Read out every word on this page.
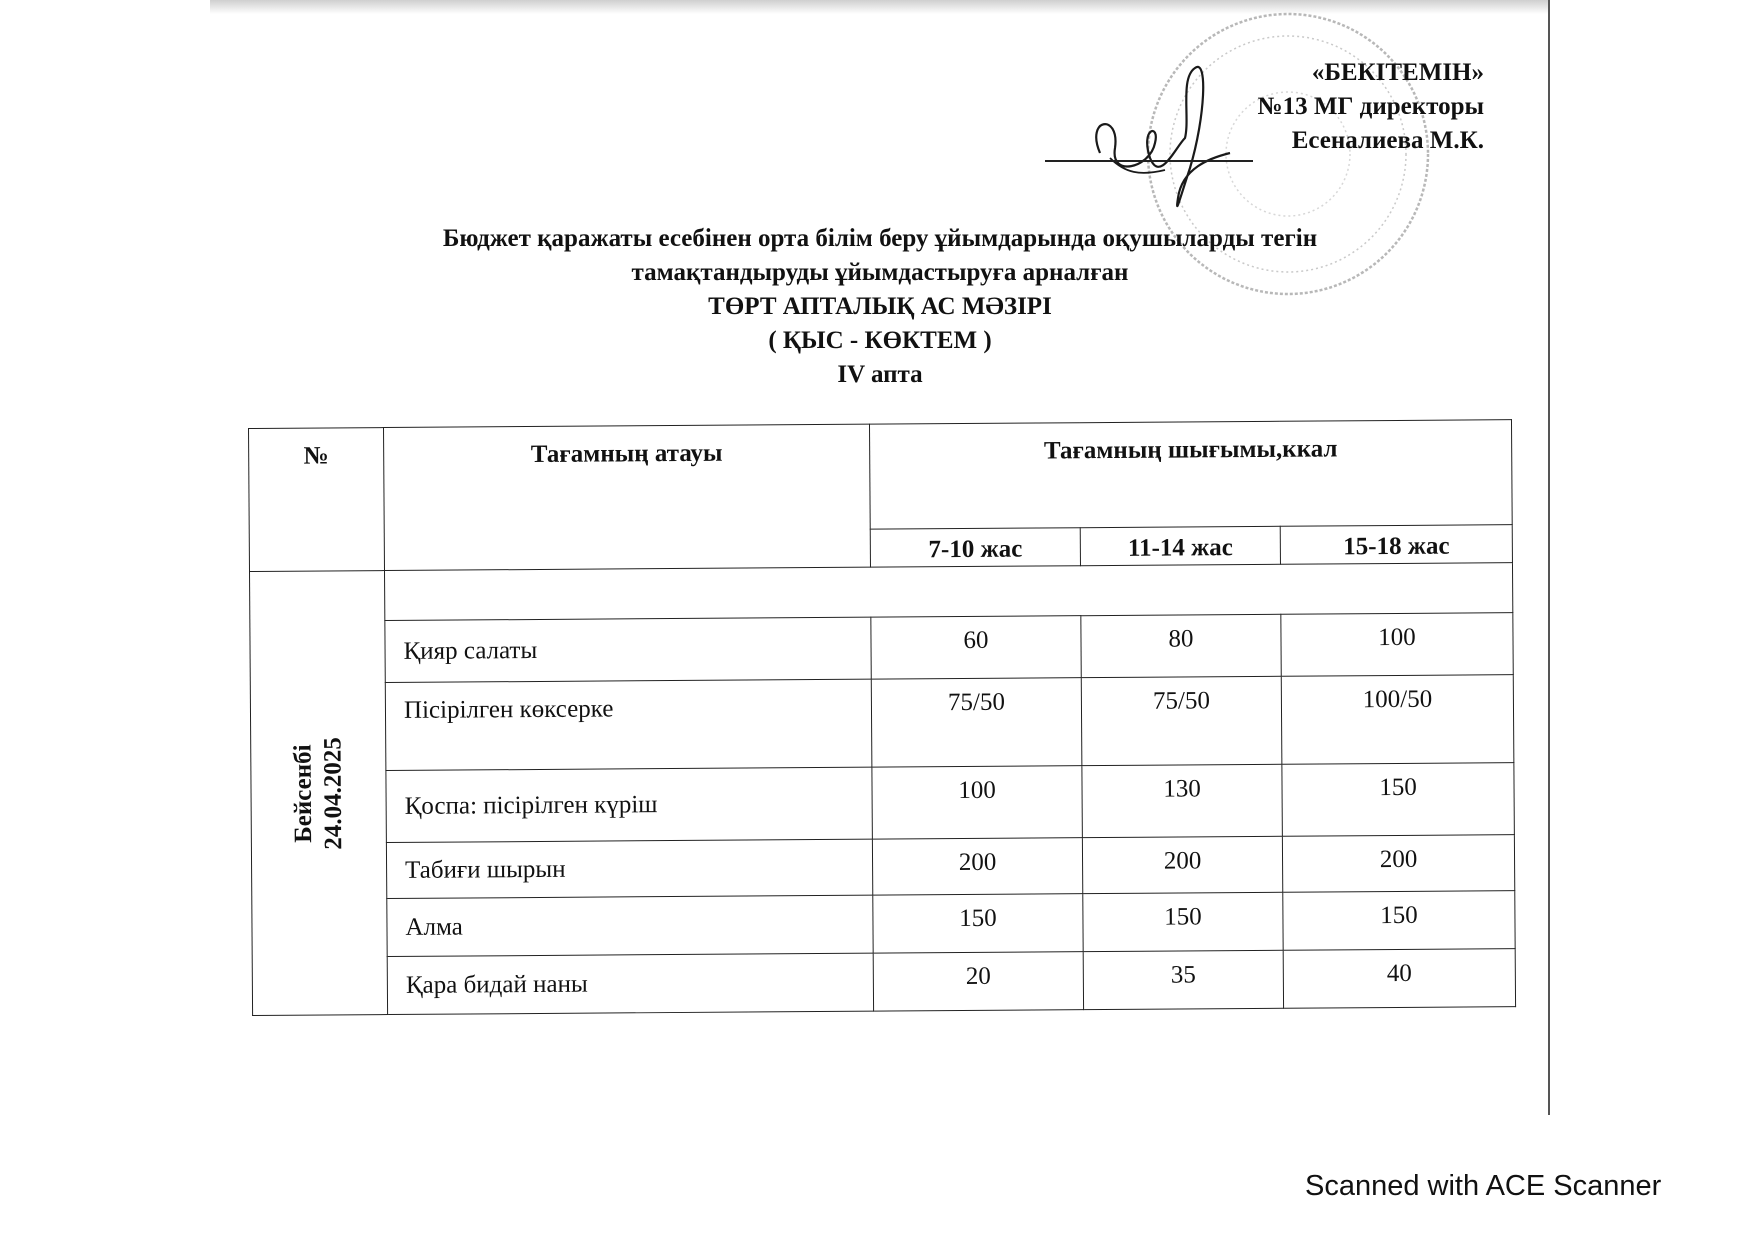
«БЕКІТЕМІН»
№13 МГ директоры
Есеналиева М.К.
Бюджет қаражаты есебінен орта білім беру ұйымдарында оқушыларды тегін
тамақтандыруды ұйымдастыруға арналған
ТӨРТ АПТАЛЫҚ АС МӘЗІРІ
( ҚЫС - КӨКТЕМ )
IV апта
№	Тағамның атауы	Тағамның шығымы,ккал		
		7-10 жас	11-14 жас	15-18 жас
Бейсенбі
24.04.2025				
	Қияр салаты	60	80	100
	Пісірілген көксерке	75/50	75/50	100/50
	Қоспа: пісірілген күріш	100	130	150
	Табиғи шырын	200	200	200
	Алма	150	150	150
	Қара бидай наны	20	35	40
Scanned with ACE Scanner
